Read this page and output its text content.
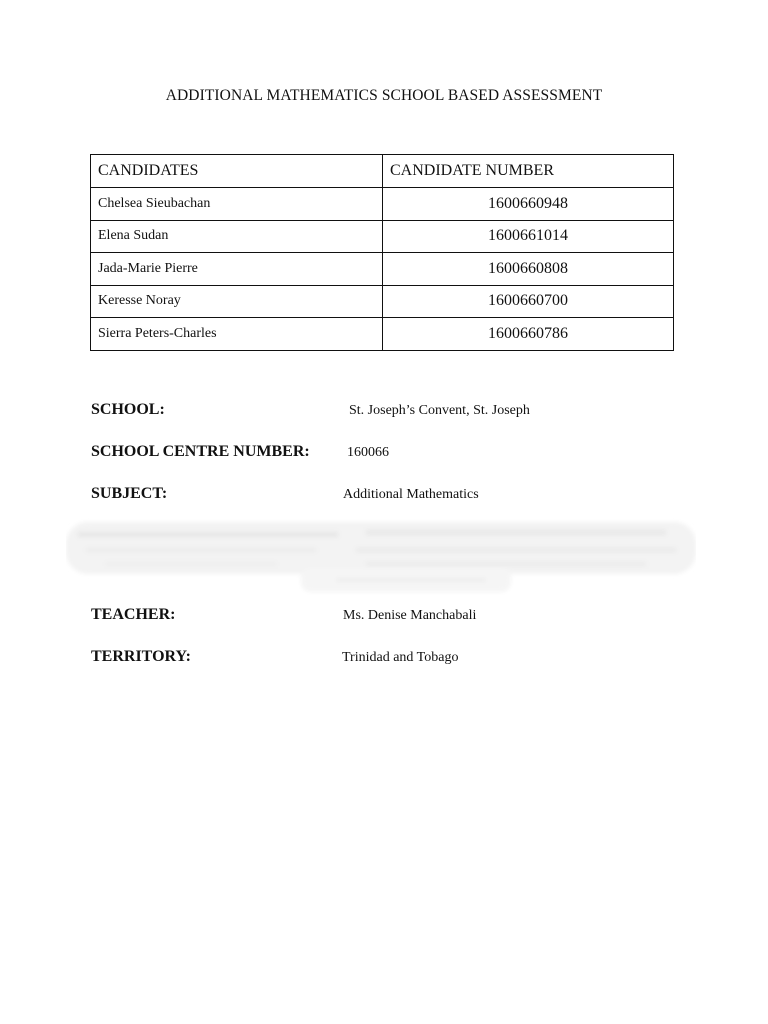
ADDITIONAL MATHEMATICS SCHOOL BASED ASSESSMENT
CANDIDATES	CANDIDATE NUMBER
Chelsea Sieubachan	1600660948
Elena Sudan	1600661014
Jada-Marie Pierre	1600660808
Keresse Noray	1600660700
Sierra Peters-Charles	1600660786
SCHOOL:	St. Joseph’s Convent, St. Joseph
SCHOOL CENTRE NUMBER:	160066
SUBJECT:	Additional Mathematics
TEACHER:	Ms. Denise Manchabali
TERRITORY:	Trinidad and Tobago
